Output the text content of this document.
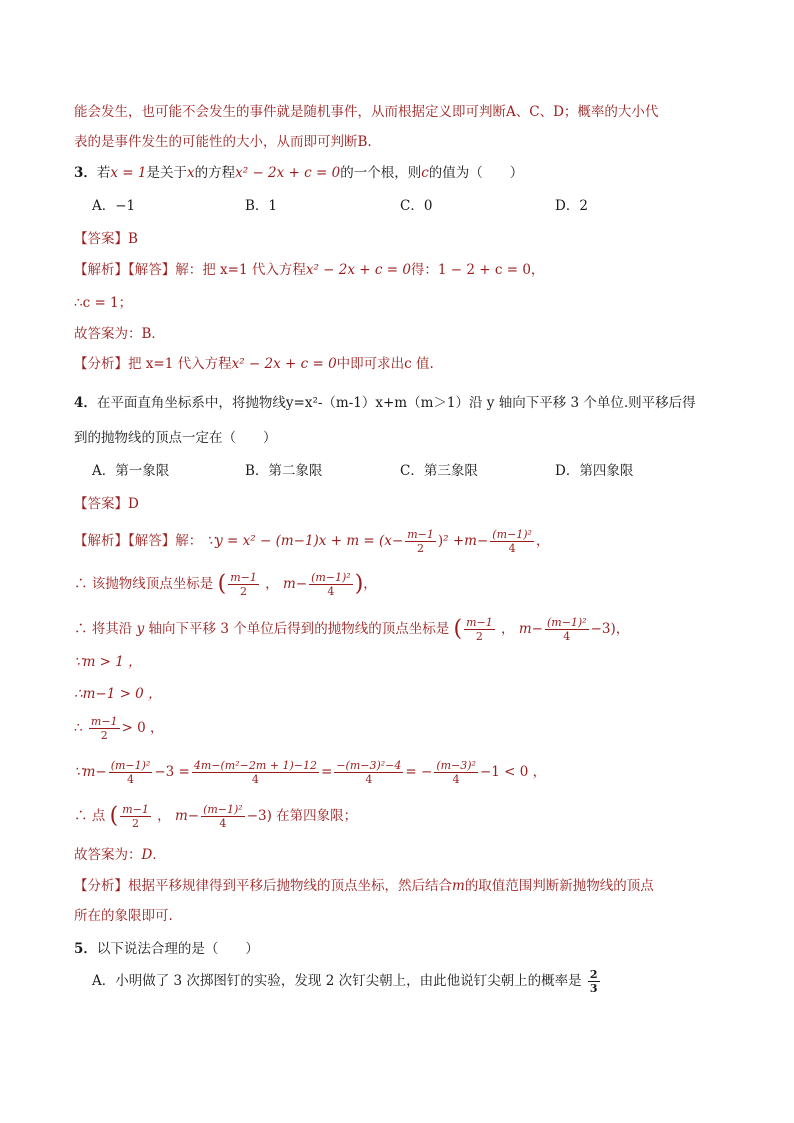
能会发生，也可能不会发生的事件就是随机事件，从而根据定义即可判断A、C、D；概率的大小代
表的是事件发生的可能性的大小，从而即可判断B.
3．若x = 1是关于x的方程x² − 2x + c = 0的一个根，则c的值为（　　）
A．−1	B．1	C．0	D．2
【答案】B
【解析】【解答】解：把 x=1 代入方程x² − 2x + c = 0得：1 − 2 + c = 0，
∴c = 1；
故答案为：B．
【分析】把 x=1 代入方程x² − 2x + c = 0中即可求出c 值.
4．在平面直角坐标系中，将抛物线y=x²-（m-1）x+m（m＞1）沿 y 轴向下平移 3 个单位.则平移后得
到的抛物线的顶点一定在（　　）
A．第一象限	B．第二象限	C．第三象限	D．第四象限
【答案】D
【解析】【解答】解： ∵y = $x^2 - (m-1)x + m = (x- \frac{m-1}{2} )^2 +m- \frac{\text{(m−1)²}}{4}$ ，
∴ 该抛物线顶点坐标是 ( $\frac{m-1}{2}$ ， $m- \frac{\text{(m−1)²}}{4}$ )，
∴ 将其沿 y 轴向下平移 3 个单位后得到的抛物线的顶点坐标是 ( $\frac{m-1}{2}$ ， $m- \frac{\text{(m−1)²}}{4} -3$)，
∵m > 1 ，
∴m−1 > 0 ，
∴ $\frac{m-1}{2} > 0$ ，
∵m− $\frac{\text{(m−1)²}}{4} -3 = \frac{\text{4m−(m²−2m + 1)−12}}{4} = \frac{\text{−(m−3)²−4}}{4}$ = − $\frac{\text{(m−3)²}}{4} -1 < 0$ ，
∴ 点 ( $\frac{m-1}{2}$ ， $m- \frac{\text{(m−1)²}}{4} -3$) 在第四象限；
故答案为：D．
【分析】根据平移规律得到平移后抛物线的顶点坐标，然后结合m的取值范围判断新抛物线的顶点
所在的象限即可.
5．以下说法合理的是（　　）
A．小明做了 3 次掷图钉的实验，发现 2 次钉尖朝上，由此他说钉尖朝上的概率是 $\frac{2}{3}$
